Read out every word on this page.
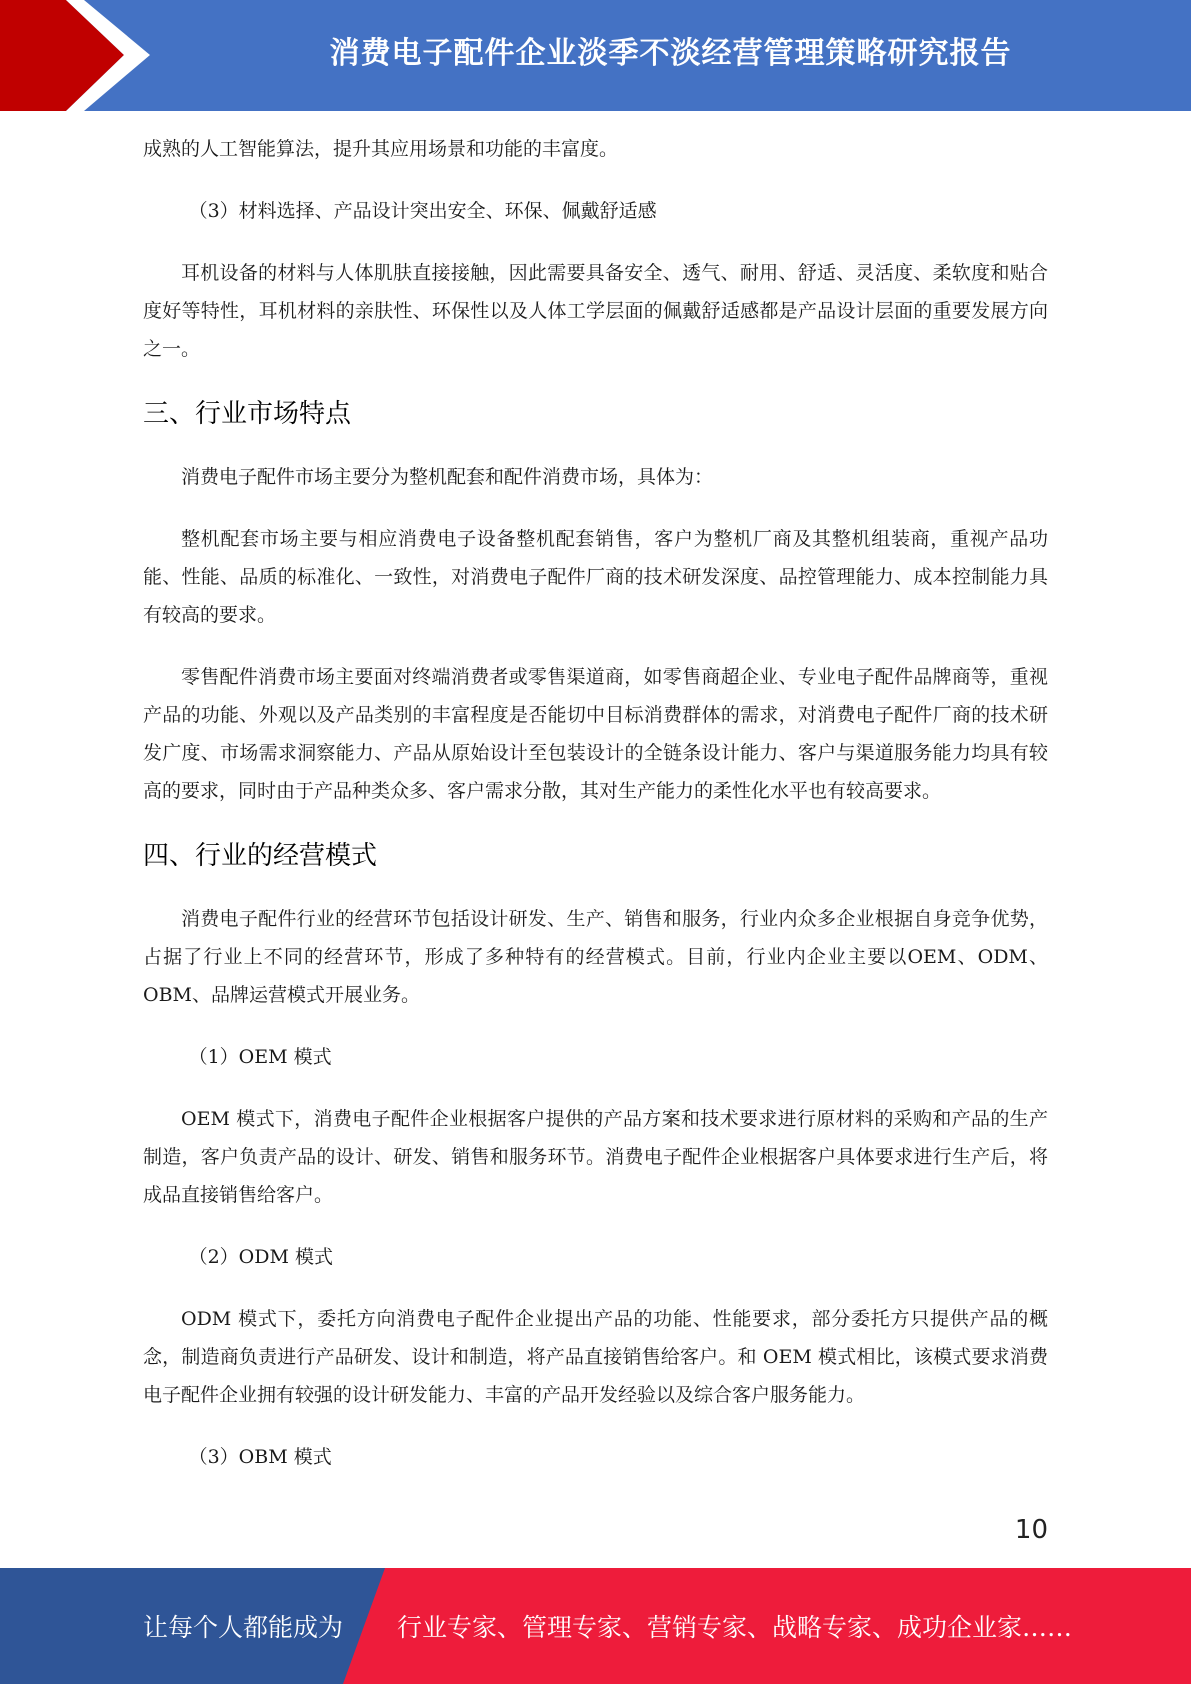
消费电子配件企业淡季不淡经营管理策略研究报告

成熟的人工智能算法，提升其应用场景和功能的丰富度。

（3）材料选择、产品设计突出安全、环保、佩戴舒适感

耳机设备的材料与人体肌肤直接接触，因此需要具备安全、透气、耐用、舒适、灵活度、柔软度和贴合度好等特性，耳机材料的亲肤性、环保性以及人体工学层面的佩戴舒适感都是产品设计层面的重要发展方向之一。

三、行业市场特点

消费电子配件市场主要分为整机配套和配件消费市场，具体为：

整机配套市场主要与相应消费电子设备整机配套销售，客户为整机厂商及其整机组装商，重视产品功能、性能、品质的标准化、一致性，对消费电子配件厂商的技术研发深度、品控管理能力、成本控制能力具有较高的要求。

零售配件消费市场主要面对终端消费者或零售渠道商，如零售商超企业、专业电子配件品牌商等，重视产品的功能、外观以及产品类别的丰富程度是否能切中目标消费群体的需求，对消费电子配件厂商的技术研发广度、市场需求洞察能力、产品从原始设计至包装设计的全链条设计能力、客户与渠道服务能力均具有较高的要求，同时由于产品种类众多、客户需求分散，其对生产能力的柔性化水平也有较高要求。

四、行业的经营模式

消费电子配件行业的经营环节包括设计研发、生产、销售和服务，行业内众多企业根据自身竞争优势，占据了行业上不同的经营环节，形成了多种特有的经营模式。目前，行业内企业主要以OEM、ODM、OBM、品牌运营模式开展业务。

（1）OEM 模式

OEM 模式下，消费电子配件企业根据客户提供的产品方案和技术要求进行原材料的采购和产品的生产制造，客户负责产品的设计、研发、销售和服务环节。消费电子配件企业根据客户具体要求进行生产后，将成品直接销售给客户。

（2）ODM 模式

ODM 模式下，委托方向消费电子配件企业提出产品的功能、性能要求，部分委托方只提供产品的概念，制造商负责进行产品研发、设计和制造，将产品直接销售给客户。和 OEM 模式相比，该模式要求消费电子配件企业拥有较强的设计研发能力、丰富的产品开发经验以及综合客户服务能力。

（3）OBM 模式

10
让每个人都能成为 行业专家、管理专家、营销专家、战略专家、成功企业家……
